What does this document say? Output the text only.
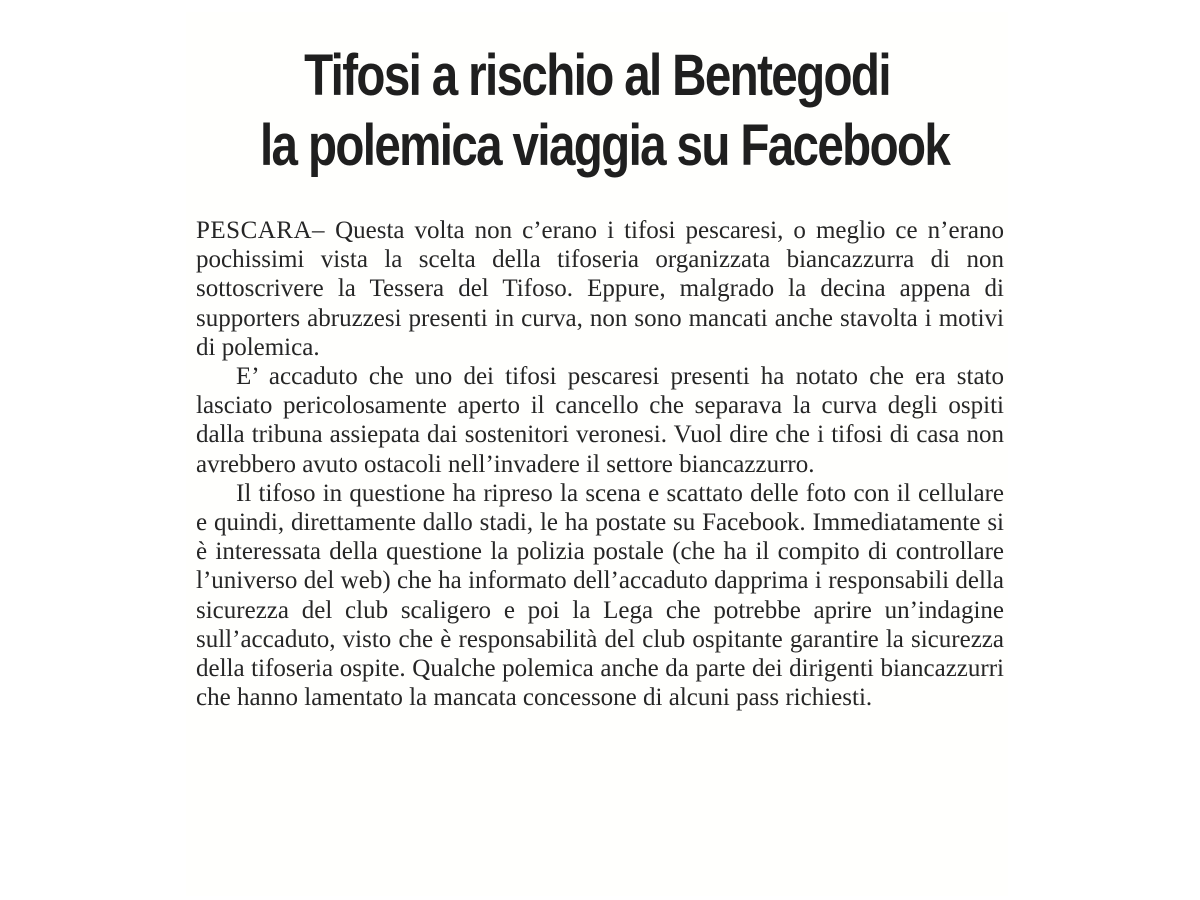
Tifosi a rischio al Bentegodi
la polemica viaggia su Facebook

PESCARA– Questa volta non c’erano i tifosi pescaresi, o meglio ce n’erano pochissimi vista la scelta della tifoseria organizzata biancazzurra di non sottoscrivere la Tessera del Tifoso. Eppure, malgrado la decina appena di supporters abruzzesi presenti in curva, non sono mancati anche stavolta i motivi di polemica.

E’ accaduto che uno dei tifosi pescaresi presenti ha notato che era stato lasciato pericolosamente aperto il cancello che separava la curva degli ospiti dalla tribuna assiepata dai sostenitori veronesi. Vuol dire che i tifosi di casa non avrebbero avuto ostacoli nell’invadere il settore biancazzurro.

Il tifoso in questione ha ripreso la scena e scattato delle foto con il cellulare e quindi, direttamente dallo stadi, le ha postate su Facebook. Immediatamente si è interessata della questione la polizia postale (che ha il compito di controllare l’universo del web) che ha informato dell’accaduto dapprima i responsabili della sicurezza del club scaligero e poi la Lega che potrebbe aprire un’indagine sull’accaduto, visto che è responsabilità del club ospitante garantire la sicurezza della tifoseria ospite. Qualche polemica anche da parte dei dirigenti biancazzurri che hanno lamentato la mancata concessone di alcuni pass richiesti.
